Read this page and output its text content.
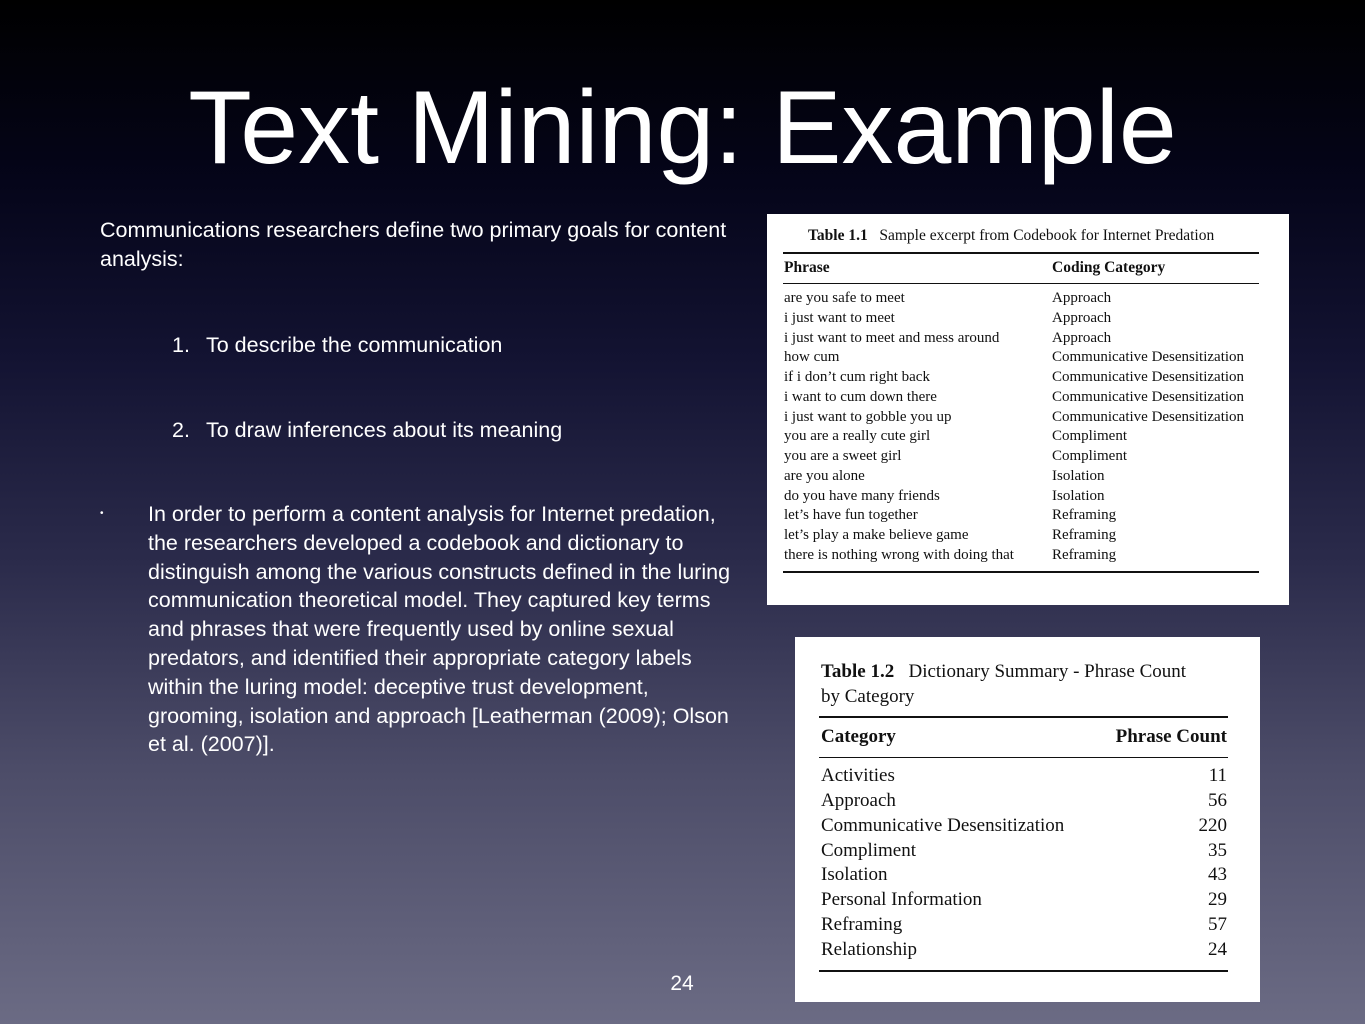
Text Mining: Example
Communications researchers define two primary goals for content analysis:
1. To describe the communication
2. To draw inferences about its meaning
• In order to perform a content analysis for Internet predation, the researchers developed a codebook and dictionary to distinguish among the various constructs defined in the luring communication theoretical model. They captured key terms and phrases that were frequently used by online sexual predators, and identified their appropriate category labels within the luring model: deceptive trust development, grooming, isolation and approach [Leatherman (2009); Olson et al. (2007)].
24
Table 1.1 Sample excerpt from Codebook for Internet Predation
Phrase	Coding Category
are you safe to meet	Approach
i just want to meet	Approach
i just want to meet and mess around	Approach
how cum	Communicative Desensitization
if i don’t cum right back	Communicative Desensitization
i want to cum down there	Communicative Desensitization
i just want to gobble you up	Communicative Desensitization
you are a really cute girl	Compliment
you are a sweet girl	Compliment
are you alone	Isolation
do you have many friends	Isolation
let’s have fun together	Reframing
let’s play a make believe game	Reframing
there is nothing wrong with doing that	Reframing
Table 1.2 Dictionary Summary - Phrase Count
by Category
Category	Phrase Count
Activities	11
Approach	56
Communicative Desensitization	220
Compliment	35
Isolation	43
Personal Information	29
Reframing	57
Relationship	24
